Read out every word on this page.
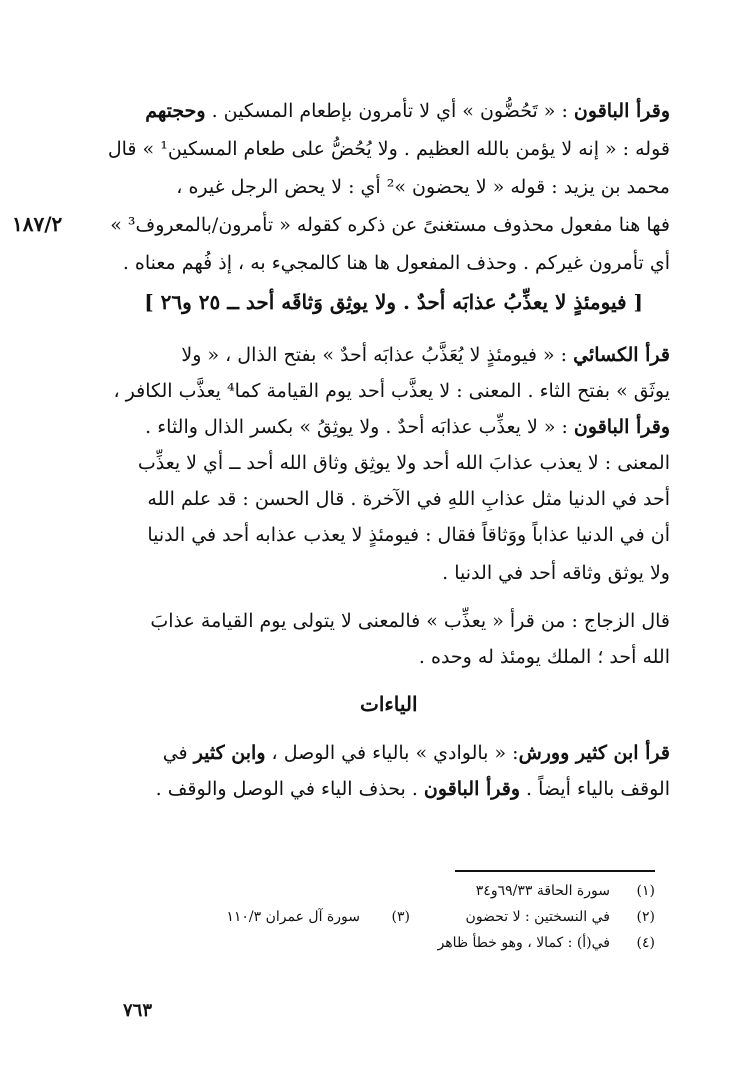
وقرأ الباقون : « تَحُضُّون » أي لا تأمرون بإطعام المسكين . وحجتهم
قوله : « إنه لا يؤمن بالله العظيم . ولا يُحُضُّ على طعام المسكين¹ » قال
محمد بن يزيد : قوله « لا يحضون »² أي : لا يحض الرجل غيره ،
فها هنا مفعول محذوف مستغنىً عن ذكره كقوله « تأمرون/بالمعروف³ »
١٨٧/٢
أي تأمرون غيركم . وحذف المفعول ها هنا كالمجيء به ، إذ فُهم معناه .
[ فيومئذٍ لا يعذِّبُ عذابَه أحدٌ . ولا يوثِق وَثاقَه أحد ــ ٢٥ و٢٦ ]
قرأ الكسائي : « فيومئذٍ لا يُعَذَّبُ عذابَه أحدٌ » بفتح الذال ، « ولا
يوثَق » بفتح الثاء . المعنى : لا يعذَّب أحد يوم القيامة كما⁴ يعذَّب الكافر ،
وقرأ الباقون : « لا يعذِّب عذابَه أحدٌ . ولا يوثِقُ » بكسر الذال والثاء .
المعنى : لا يعذب عذابَ الله أحد ولا يوثِق وثاق الله أحد ــ أي لا يعذِّب
أحد في الدنيا مثل عذابِ اللهِ في الآخرة . قال الحسن : قد علم الله
أن في الدنيا عذاباً ووَثاقاً فقال : فيومئذٍ لا يعذب عذابه أحد في الدنيا
ولا يوثق وثاقه أحد في الدنيا .
قال الزجاج : من قرأ « يعذِّب » فالمعنى لا يتولى يوم القيامة عذابَ
الله أحد ؛ الملك يومئذ له وحده .
الياءات
قرأ ابن كثير وورش: « بالوادي » بالياء في الوصل ، وابن كثير في
الوقف بالياء أيضاً . وقرأ الباقون . بحذف الياء في الوصل والوقف .
(١)
سورة الحاقة ٦٩/٣٣و٣٤
(٢)
في النسختين : لا تحضون
(٣)
سورة آل عمران ١١٠/٣
(٤)
في(أ) : كمالا ، وهو خطأ ظاهر
٧٦٣
